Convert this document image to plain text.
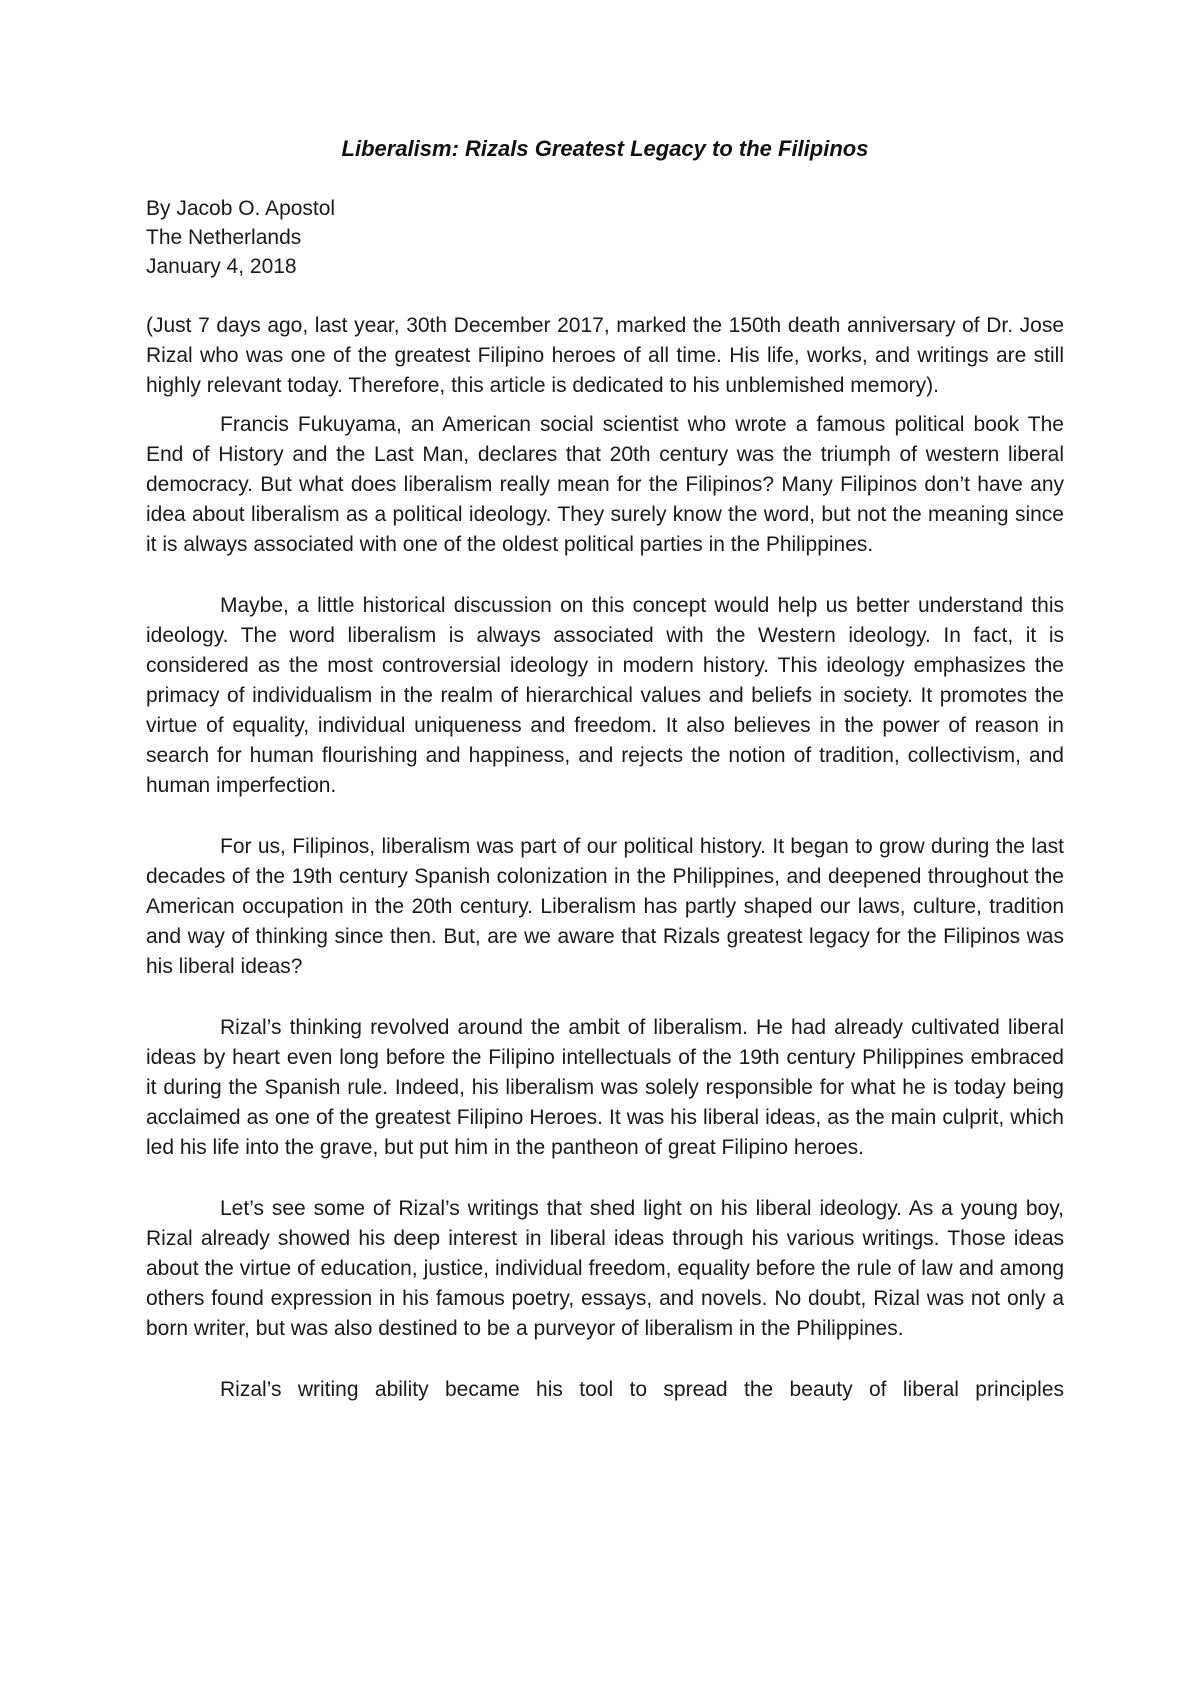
Liberalism: Rizals Greatest Legacy to the Filipinos
By Jacob O. Apostol
The Netherlands
January 4, 2018

(Just 7 days ago, last year, 30th December 2017, marked the 150th death anniversary of Dr. Jose Rizal who was one of the greatest Filipino heroes of all time. His life, works, and writings are still highly relevant today. Therefore, this article is dedicated to his unblemished memory).

Francis Fukuyama, an American social scientist who wrote a famous political book The End of History and the Last Man, declares that 20th century was the triumph of western liberal democracy. But what does liberalism really mean for the Filipinos? Many Filipinos don’t have any idea about liberalism as a political ideology. They surely know the word, but not the meaning since it is always associated with one of the oldest political parties in the Philippines.

Maybe, a little historical discussion on this concept would help us better understand this ideology. The word liberalism is always associated with the Western ideology. In fact, it is considered as the most controversial ideology in modern history. This ideology emphasizes the primacy of individualism in the realm of hierarchical values and beliefs in society. It promotes the virtue of equality, individual uniqueness and freedom. It also believes in the power of reason in search for human flourishing and happiness, and rejects the notion of tradition, collectivism, and human imperfection.

For us, Filipinos, liberalism was part of our political history. It began to grow during the last decades of the 19th century Spanish colonization in the Philippines, and deepened throughout the American occupation in the 20th century. Liberalism has partly shaped our laws, culture, tradition and way of thinking since then. But, are we aware that Rizals greatest legacy for the Filipinos was his liberal ideas?

Rizal’s thinking revolved around the ambit of liberalism. He had already cultivated liberal ideas by heart even long before the Filipino intellectuals of the 19th century Philippines embraced it during the Spanish rule. Indeed, his liberalism was solely responsible for what he is today being acclaimed as one of the greatest Filipino Heroes. It was his liberal ideas, as the main culprit, which led his life into the grave, but put him in the pantheon of great Filipino heroes.

Let’s see some of Rizal’s writings that shed light on his liberal ideology. As a young boy, Rizal already showed his deep interest in liberal ideas through his various writings. Those ideas about the virtue of education, justice, individual freedom, equality before the rule of law and among others found expression in his famous poetry, essays, and novels. No doubt, Rizal was not only a born writer, but was also destined to be a purveyor of liberalism in the Philippines.

Rizal’s writing ability became his tool to spread the beauty of liberal principles
